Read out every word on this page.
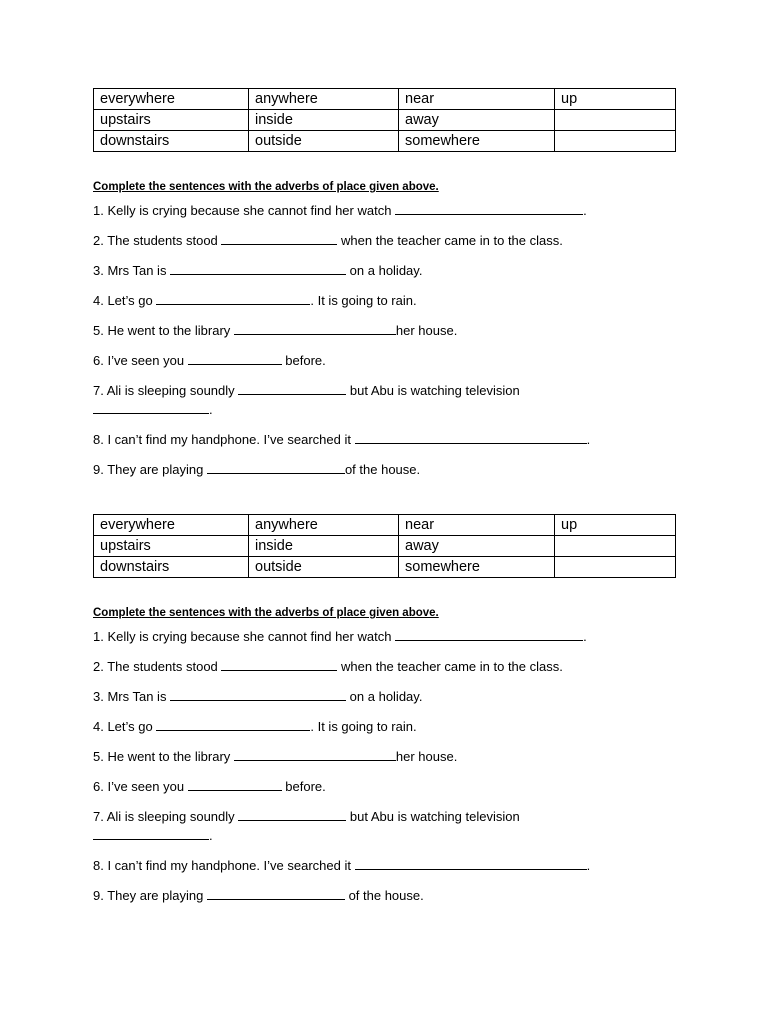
everywhere	anywhere	near	up
upstairs	inside	away	
downstairs	outside	somewhere	
Complete the sentences with the adverbs of place given above.
1. Kelly is crying because she cannot find her watch	.
2. The students stood	when the teacher came in to the class.
3. Mrs Tan is	on a holiday.
4. Let’s go	. It is going to rain.
5. He went to the library	her house.
6. I’ve seen you	before.
7. Ali is sleeping soundly	but Abu is watching television
.
8. I can’t find my handphone. I’ve searched it	.
9. They are playing	of the house.
everywhere	anywhere	near	up
upstairs	inside	away	
downstairs	outside	somewhere	
Complete the sentences with the adverbs of place given above.
1. Kelly is crying because she cannot find her watch	.
2. The students stood	when the teacher came in to the class.
3. Mrs Tan is	on a holiday.
4. Let’s go	. It is going to rain.
5. He went to the library	her house.
6. I’ve seen you	before.
7. Ali is sleeping soundly	but Abu is watching television
.
8. I can’t find my handphone. I’ve searched it	.
9. They are playing	of the house.
